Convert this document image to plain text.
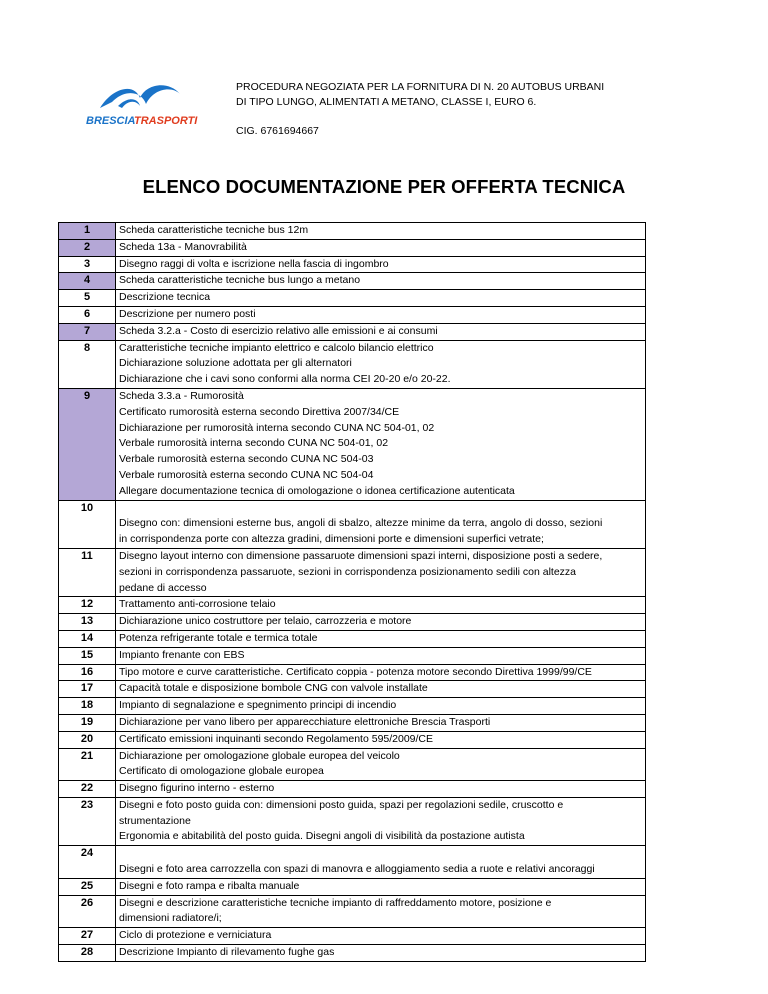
BRESCIA
TRASPORTI
PROCEDURA NEGOZIATA PER LA FORNITURA DI N. 20 AUTOBUS URBANI
DI TIPO LUNGO, ALIMENTATI A METANO, CLASSE I, EURO 6.
CIG. 6761694667
ELENCO DOCUMENTAZIONE PER OFFERTA TECNICA
1	Scheda caratteristiche tecniche bus 12m
2	Scheda 13a - Manovrabilità
3	Disegno raggi di volta e iscrizione nella fascia di ingombro
4	Scheda caratteristiche tecniche bus lungo a metano
5	Descrizione tecnica
6	Descrizione per numero posti
7	Scheda 3.2.a - Costo di esercizio relativo alle emissioni e ai consumi
8	Caratteristiche tecniche impianto elettrico e calcolo bilancio elettrico
Dichiarazione soluzione adottata per gli alternatori
Dichiarazione che i cavi sono conformi alla norma CEI 20-20 e/o 20-22.
9	Scheda 3.3.a - Rumorosità
Certificato rumorosità esterna secondo Direttiva 2007/34/CE
Dichiarazione per rumorosità interna secondo CUNA NC 504-01, 02
Verbale rumorosità interna secondo CUNA NC 504-01, 02
Verbale rumorosità esterna secondo CUNA NC 504-03
Verbale rumorosità esterna secondo CUNA NC 504-04
Allegare documentazione tecnica di omologazione o idonea certificazione autenticata
10
Disegno con: dimensioni esterne bus, angoli di sbalzo, altezze minime da terra, angolo di dosso, sezioni
in corrispondenza porte con altezza gradini, dimensioni porte e dimensioni superfici vetrate;
11	Disegno layout interno con dimensione passaruote dimensioni spazi interni, disposizione posti a sedere,
sezioni in corrispondenza passaruote, sezioni in corrispondenza posizionamento sedili con altezza
pedane di accesso
12	Trattamento anti-corrosione telaio
13	Dichiarazione unico costruttore per telaio, carrozzeria e motore
14	Potenza refrigerante totale e termica totale
15	Impianto frenante con EBS
16	Tipo motore e curve caratteristiche. Certificato coppia - potenza motore secondo Direttiva 1999/99/CE
17	Capacità totale e disposizione bombole CNG con valvole installate
18	Impianto di segnalazione e spegnimento principi di incendio
19	Dichiarazione per vano libero per apparecchiature elettroniche Brescia Trasporti
20	Certificato emissioni inquinanti secondo Regolamento 595/2009/CE
21	Dichiarazione per omologazione globale europea del veicolo
Certificato di omologazione globale europea
22	Disegno figurino interno - esterno
23	Disegni e foto posto guida con: dimensioni posto guida, spazi per regolazioni sedile, cruscotto e
strumentazione
Ergonomia e abitabilità del posto guida. Disegni angoli di visibilità da postazione autista
24
Disegni e foto area carrozzella con spazi di manovra e alloggiamento sedia a ruote e relativi ancoraggi
25	Disegni e foto rampa e ribalta manuale
26	Disegni e descrizione caratteristiche tecniche impianto di raffreddamento motore, posizione e
dimensioni radiatore/i;
27	Ciclo di protezione e verniciatura
28	Descrizione Impianto di rilevamento fughe gas
